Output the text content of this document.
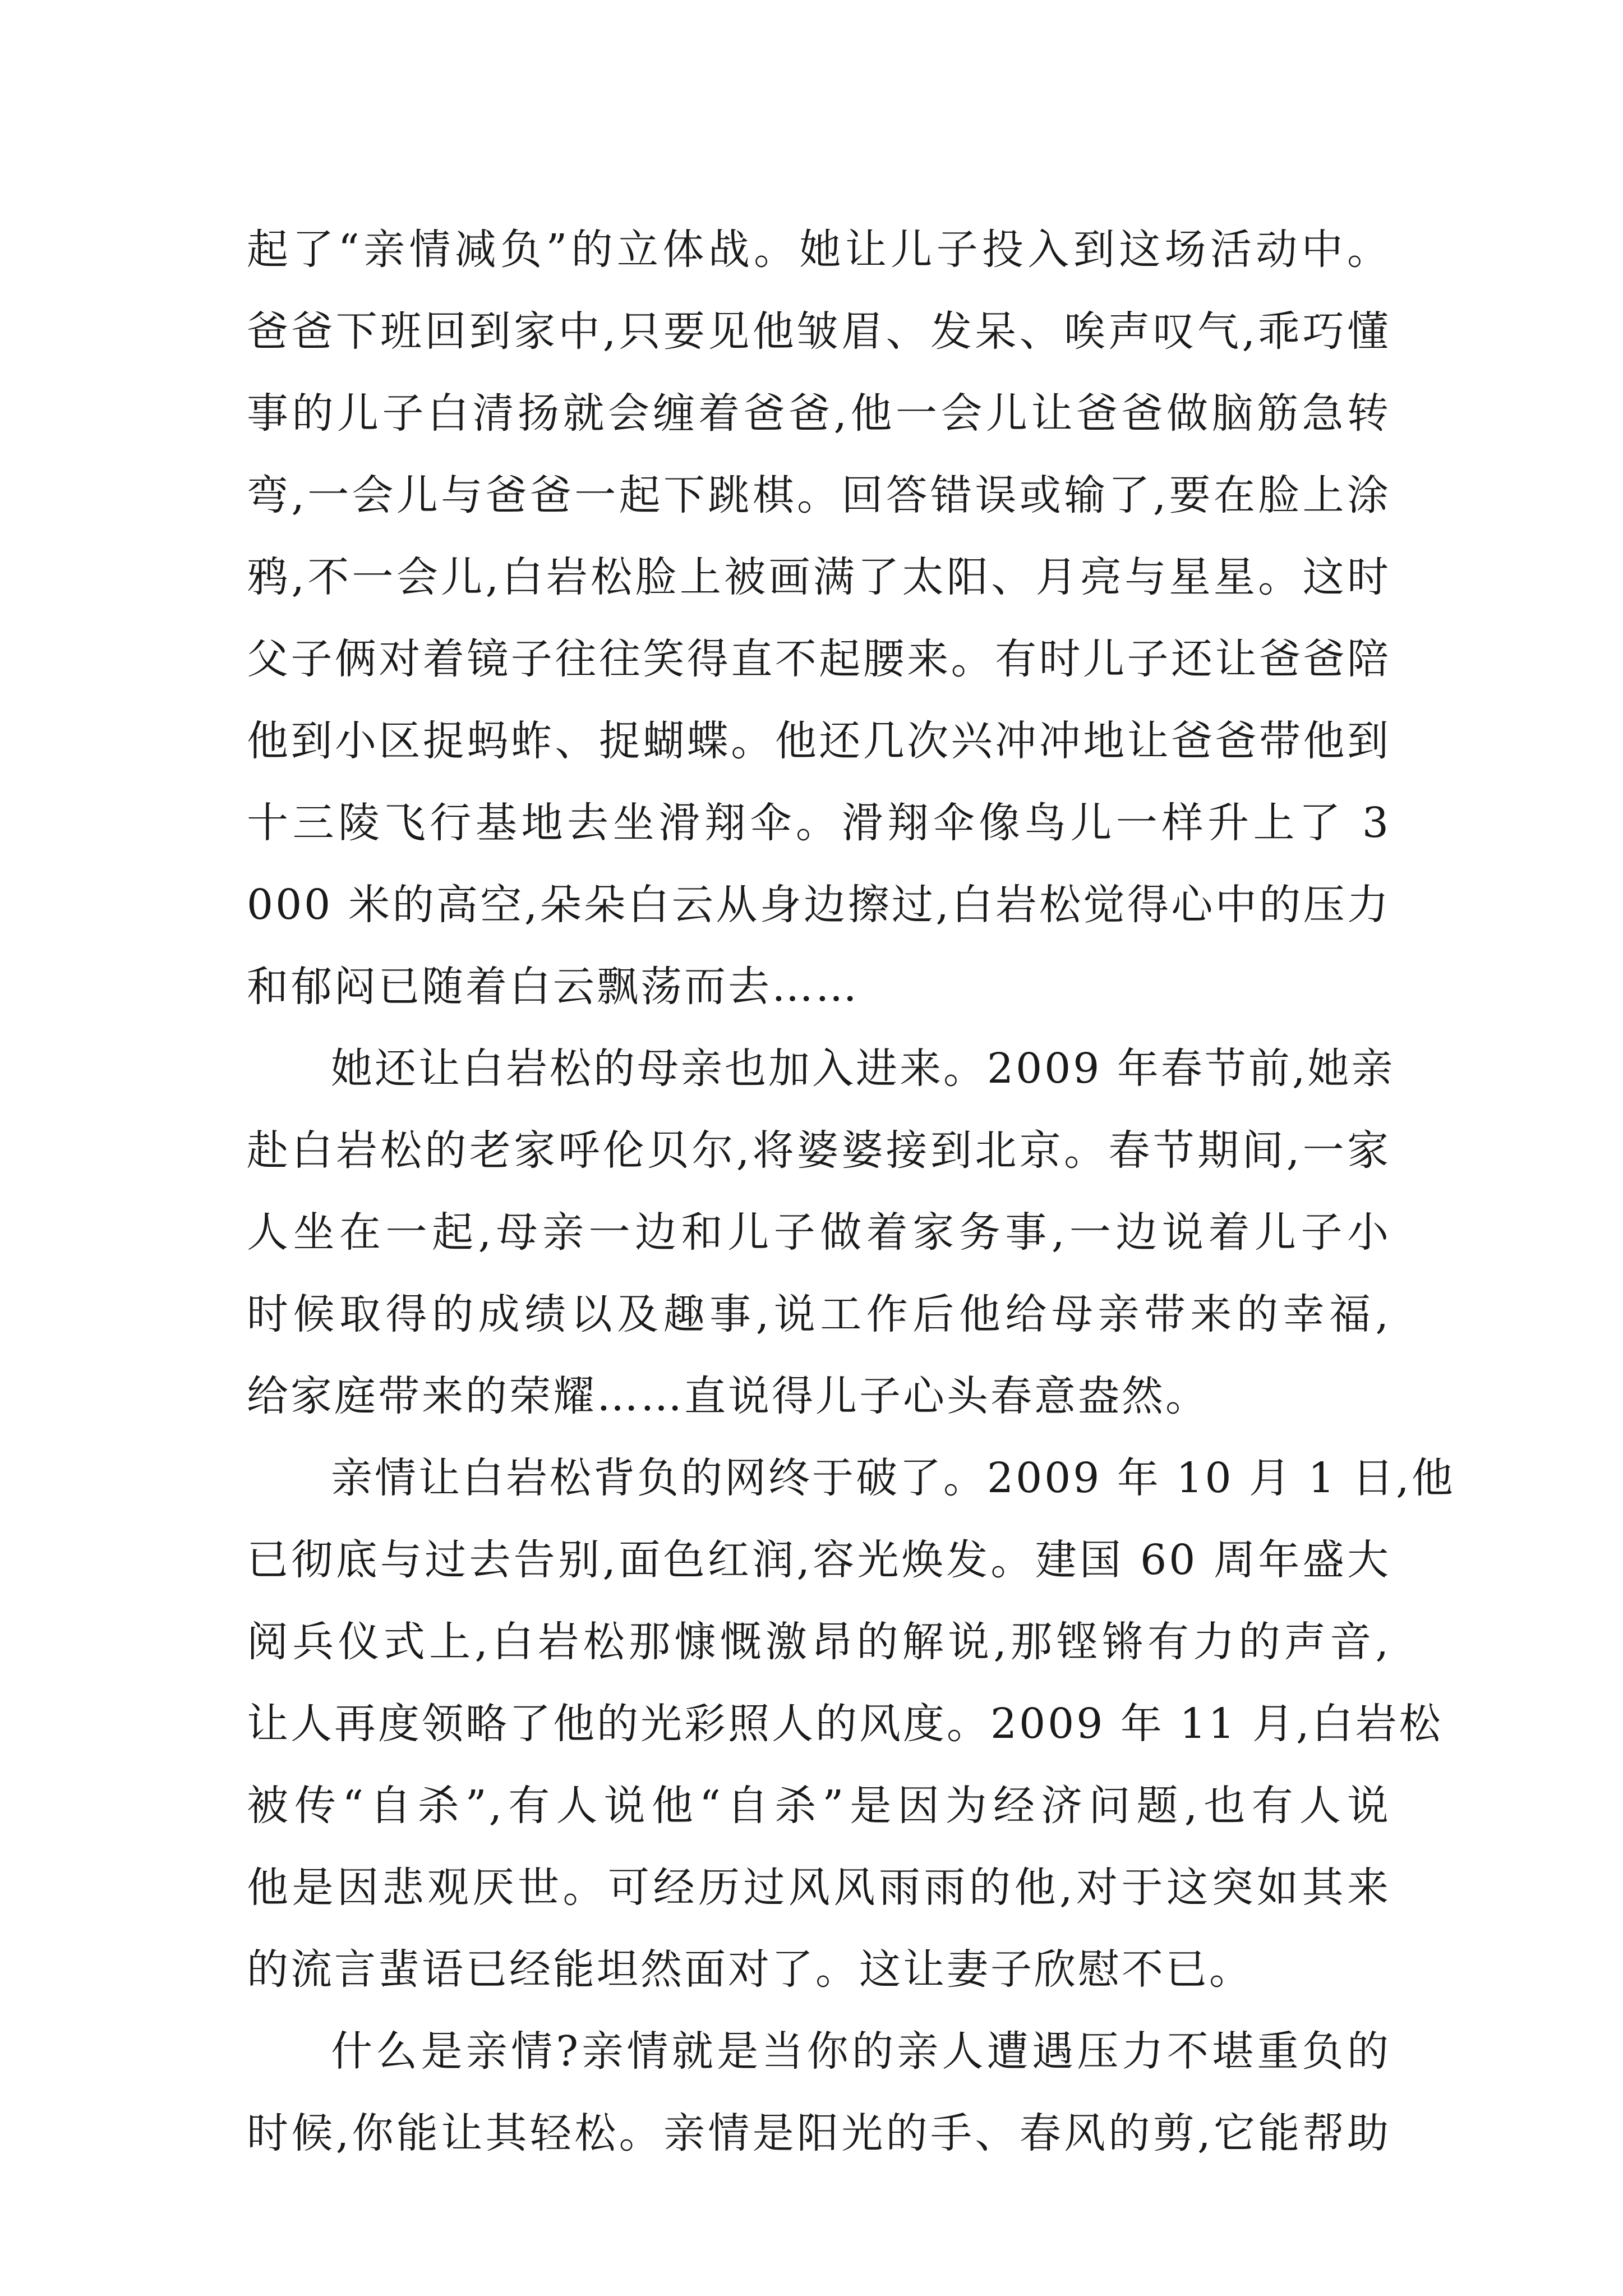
起了“亲情减负”的立体战。她让儿子投入到这场活动中。
爸爸下班回到家中,只要见他皱眉、发呆、唉声叹气,乖巧懂
事的儿子白清扬就会缠着爸爸,他一会儿让爸爸做脑筋急转
弯,一会儿与爸爸一起下跳棋。回答错误或输了,要在脸上涂
鸦,不一会儿,白岩松脸上被画满了太阳、月亮与星星。这时
父子俩对着镜子往往笑得直不起腰来。有时儿子还让爸爸陪
他到小区捉蚂蚱、捉蝴蝶。他还几次兴冲冲地让爸爸带他到
十三陵飞行基地去坐滑翔伞。滑翔伞像鸟儿一样升上了 3
000 米的高空,朵朵白云从身边擦过,白岩松觉得心中的压力
和郁闷已随着白云飘荡而去……
她还让白岩松的母亲也加入进来。2009 年春节前,她亲
赴白岩松的老家呼伦贝尔,将婆婆接到北京。春节期间,一家
人坐在一起,母亲一边和儿子做着家务事,一边说着儿子小
时候取得的成绩以及趣事,说工作后他给母亲带来的幸福,
给家庭带来的荣耀……直说得儿子心头春意盎然。
亲情让白岩松背负的网终于破了。2009 年 10 月 1 日,他
已彻底与过去告别,面色红润,容光焕发。建国 60 周年盛大
阅兵仪式上,白岩松那慷慨激昂的解说,那铿锵有力的声音,
让人再度领略了他的光彩照人的风度。2009 年 11 月,白岩松
被传“自杀”,有人说他“自杀”是因为经济问题,也有人说
他是因悲观厌世。可经历过风风雨雨的他,对于这突如其来
的流言蜚语已经能坦然面对了。这让妻子欣慰不已。
什么是亲情?亲情就是当你的亲人遭遇压力不堪重负的
时候,你能让其轻松。亲情是阳光的手、春风的剪,它能帮助
